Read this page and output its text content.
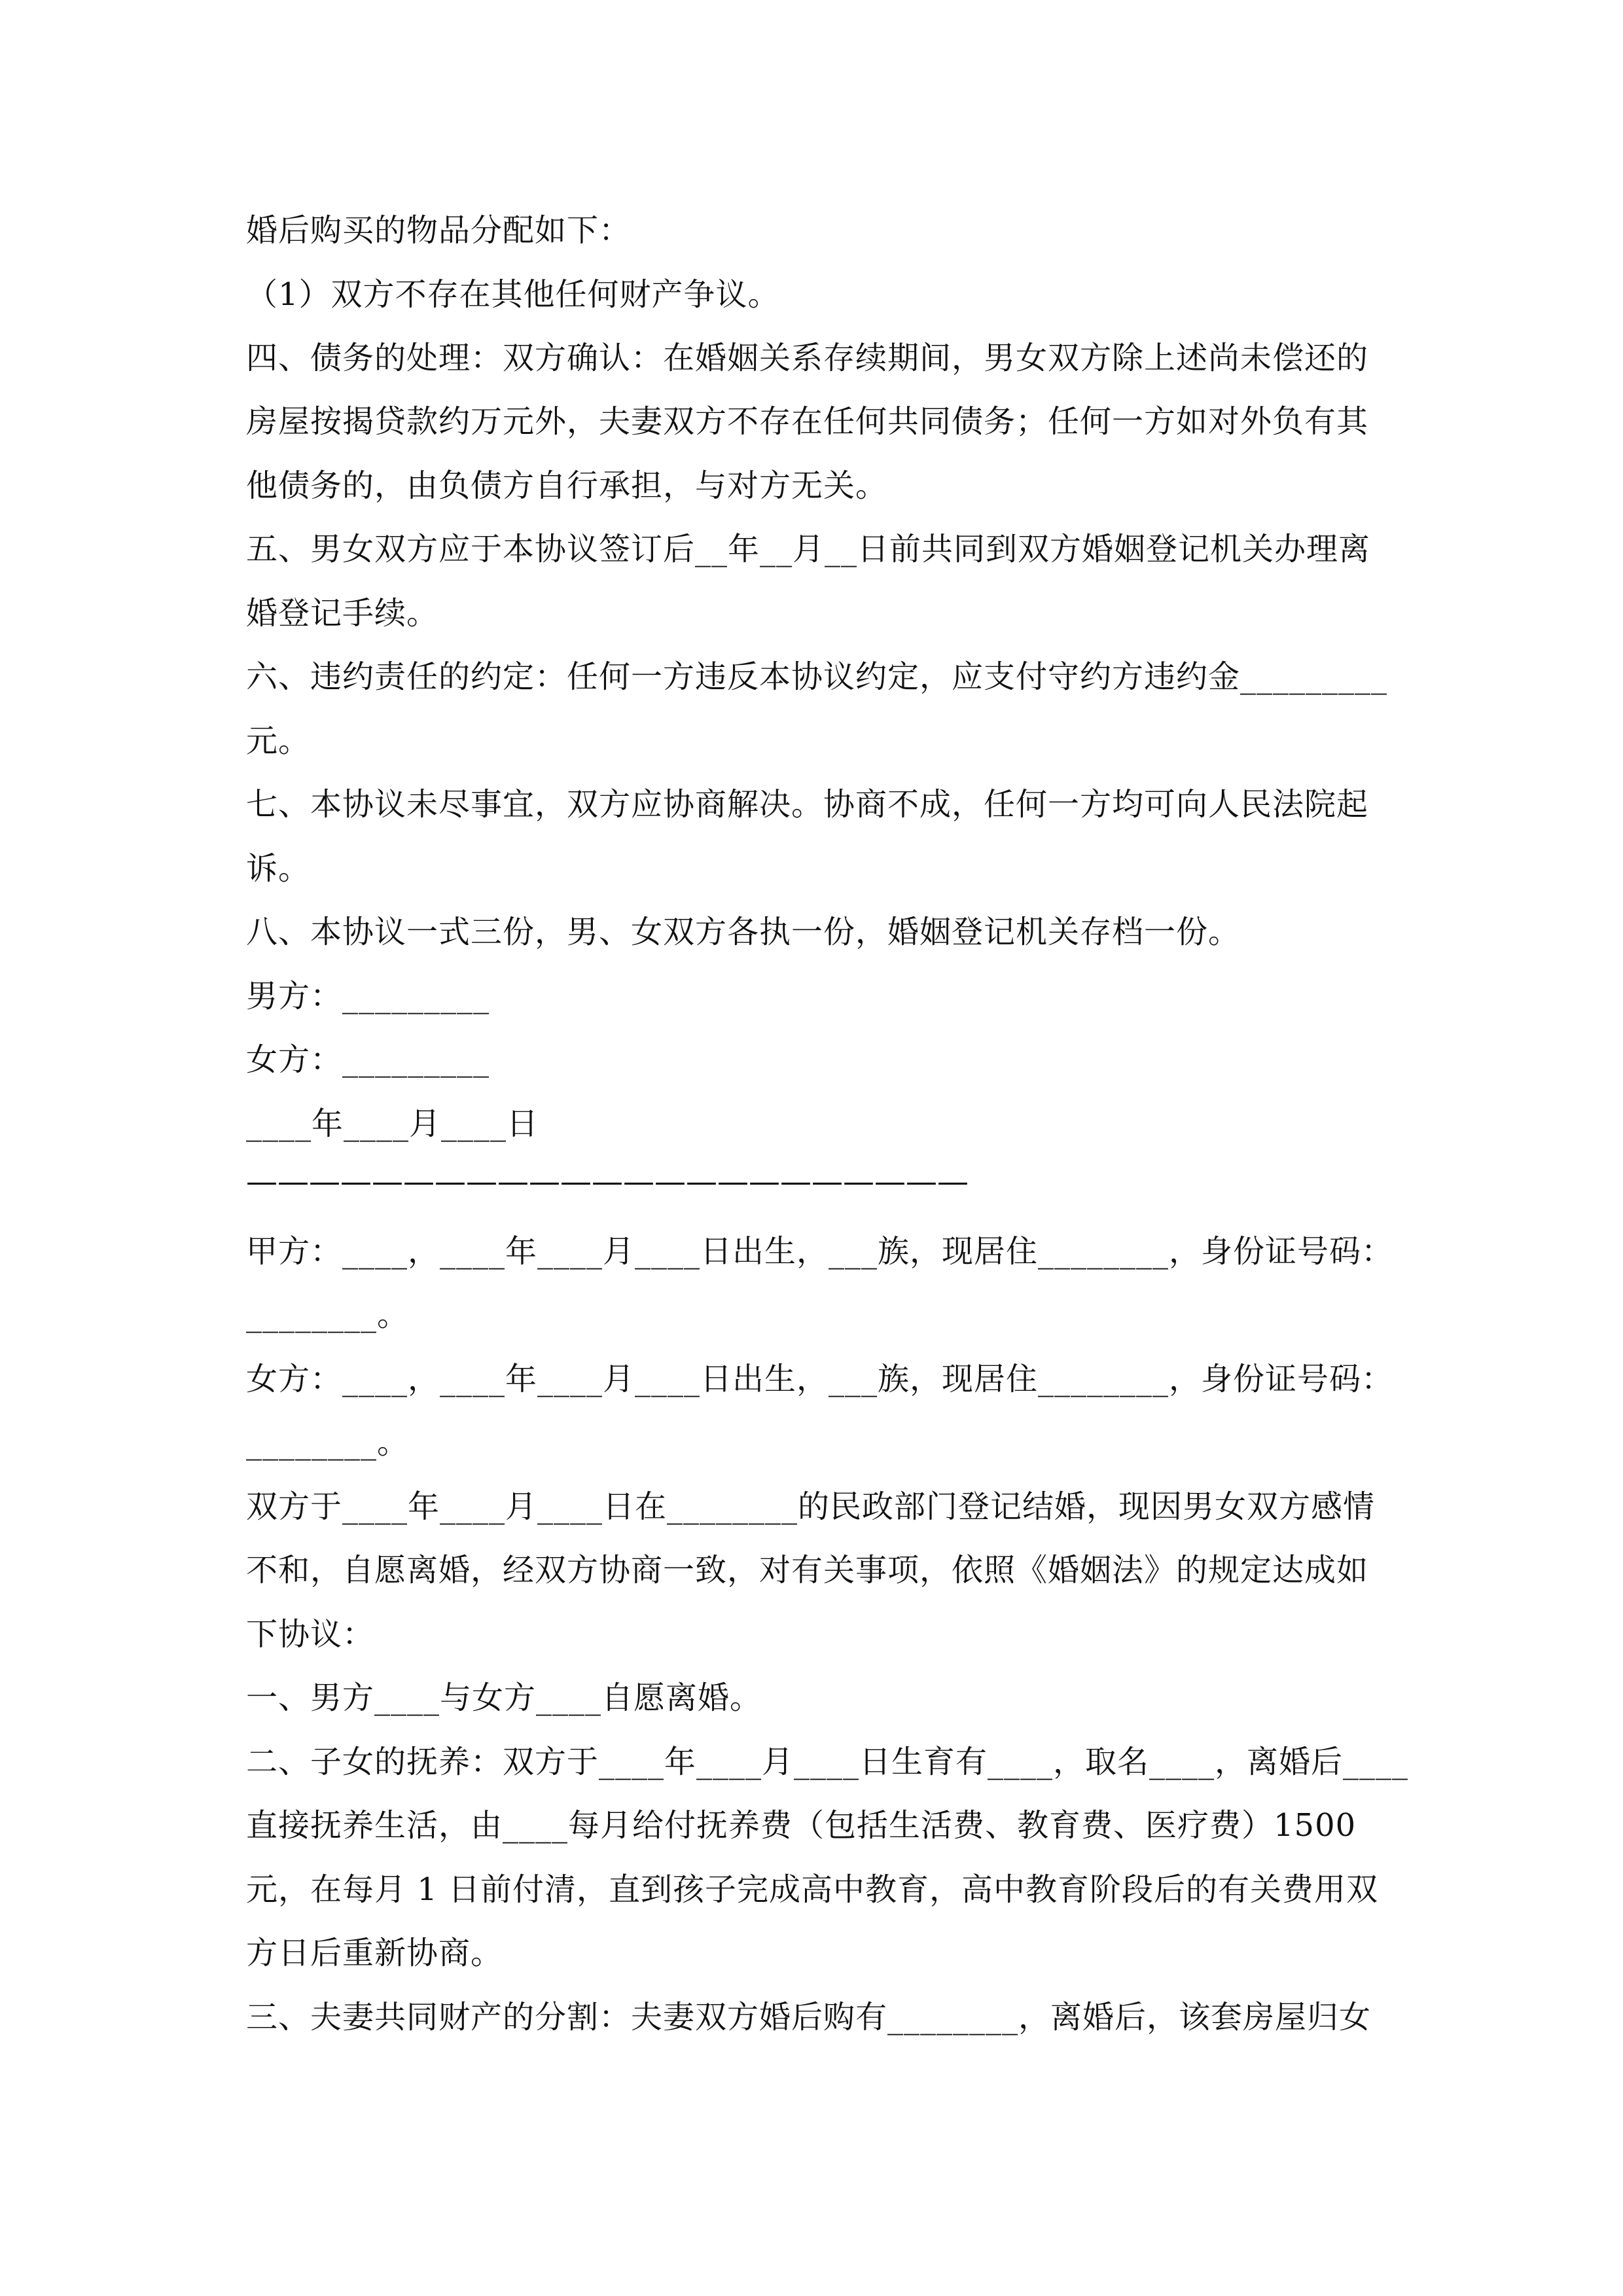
婚后购买的物品分配如下：
（1）双方不存在其他任何财产争议。
四、债务的处理：双方确认：在婚姻关系存续期间，男女双方除上述尚未偿还的
房屋按揭贷款约万元外，夫妻双方不存在任何共同债务；任何一方如对外负有其
他债务的，由负债方自行承担，与对方无关。
五、男女双方应于本协议签订后__年__月__日前共同到双方婚姻登记机关办理离
婚登记手续。
六、违约责任的约定：任何一方违反本协议约定，应支付守约方违约金_________
元。
七、本协议未尽事宜，双方应协商解决。协商不成，任何一方均可向人民法院起
诉。
八、本协议一式三份，男、女双方各执一份，婚姻登记机关存档一份。
男方：_________
女方：_________
____年____月____日
———————————————————————
甲方：____，____年____月____日出生，___族，现居住________，身份证号码：
________。
女方：____，____年____月____日出生，___族，现居住________，身份证号码：
________。
双方于____年____月____日在________的民政部门登记结婚，现因男女双方感情
不和，自愿离婚，经双方协商一致，对有关事项，依照《婚姻法》的规定达成如
下协议：
一、男方____与女方____自愿离婚。
二、子女的抚养：双方于____年____月____日生育有____，取名____，离婚后____
直接抚养生活，由____每月给付抚养费（包括生活费、教育费、医疗费）1500
元，在每月 1 日前付清，直到孩子完成高中教育，高中教育阶段后的有关费用双
方日后重新协商。
三、夫妻共同财产的分割：夫妻双方婚后购有________，离婚后，该套房屋归女
